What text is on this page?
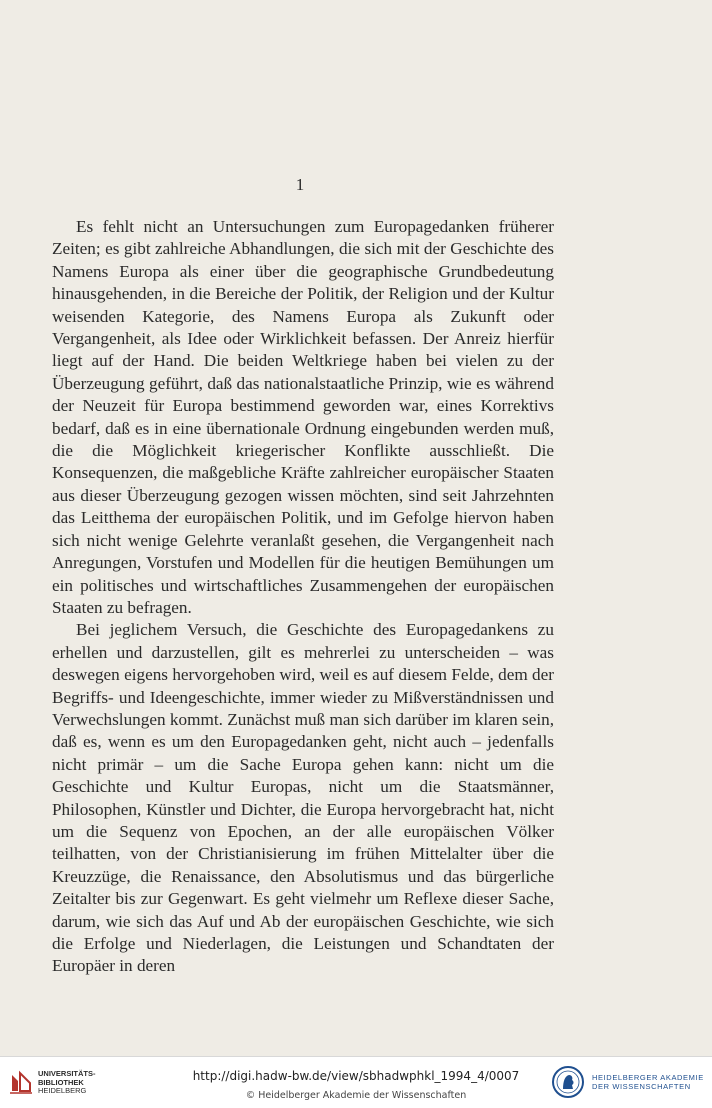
1

Es fehlt nicht an Untersuchungen zum Europagedanken früherer Zeiten; es gibt zahlreiche Abhandlungen, die sich mit der Geschichte des Namens Europa als einer über die geographische Grundbedeutung hinausgehenden, in die Bereiche der Politik, der Religion und der Kultur weisenden Kategorie, des Namens Europa als Zukunft oder Vergangenheit, als Idee oder Wirklichkeit befassen. Der Anreiz hierfür liegt auf der Hand. Die beiden Weltkriege haben bei vielen zu der Überzeugung geführt, daß das nationalstaatliche Prinzip, wie es während der Neuzeit für Europa bestimmend geworden war, eines Korrektivs bedarf, daß es in eine übernationale Ordnung eingebunden werden muß, die die Möglichkeit kriegerischer Konflikte ausschließt. Die Konsequenzen, die maßgebliche Kräfte zahlreicher europäischer Staaten aus dieser Überzeugung gezogen wissen möchten, sind seit Jahrzehnten das Leitthema der europäischen Politik, und im Gefolge hiervon haben sich nicht wenige Gelehrte veranlaßt gesehen, die Vergangenheit nach Anregungen, Vorstufen und Modellen für die heutigen Bemühungen um ein politisches und wirtschaftliches Zusammengehen der europäischen Staaten zu befragen.

Bei jeglichem Versuch, die Geschichte des Europagedankens zu erhellen und darzustellen, gilt es mehrerlei zu unterscheiden – was deswegen eigens hervorgehoben wird, weil es auf diesem Felde, dem der Begriffs- und Ideengeschichte, immer wieder zu Mißverständnissen und Verwechslungen kommt. Zunächst muß man sich darüber im klaren sein, daß es, wenn es um den Europagedanken geht, nicht auch – jedenfalls nicht primär – um die Sache Europa gehen kann: nicht um die Geschichte und Kultur Europas, nicht um die Staatsmänner, Philosophen, Künstler und Dichter, die Europa hervorgebracht hat, nicht um die Sequenz von Epochen, an der alle europäischen Völker teilhatten, von der Christianisierung im frühen Mittelalter über die Kreuzzüge, die Renaissance, den Absolutismus und das bürgerliche Zeitalter bis zur Gegenwart. Es geht vielmehr um Reflexe dieser Sache, darum, wie sich das Auf und Ab der europäischen Geschichte, wie sich die Erfolge und Niederlagen, die Leistungen und Schandtaten der Europäer in deren

UNIVERSITÄTS-
BIBLIOTHEK
HEIDELBERG
http://digi.hadw-bw.de/view/sbhadwphkl_1994_4/0007
© Heidelberger Akademie der Wissenschaften
HEIDELBERGER AKADEMIE
DER WISSENSCHAFTEN
